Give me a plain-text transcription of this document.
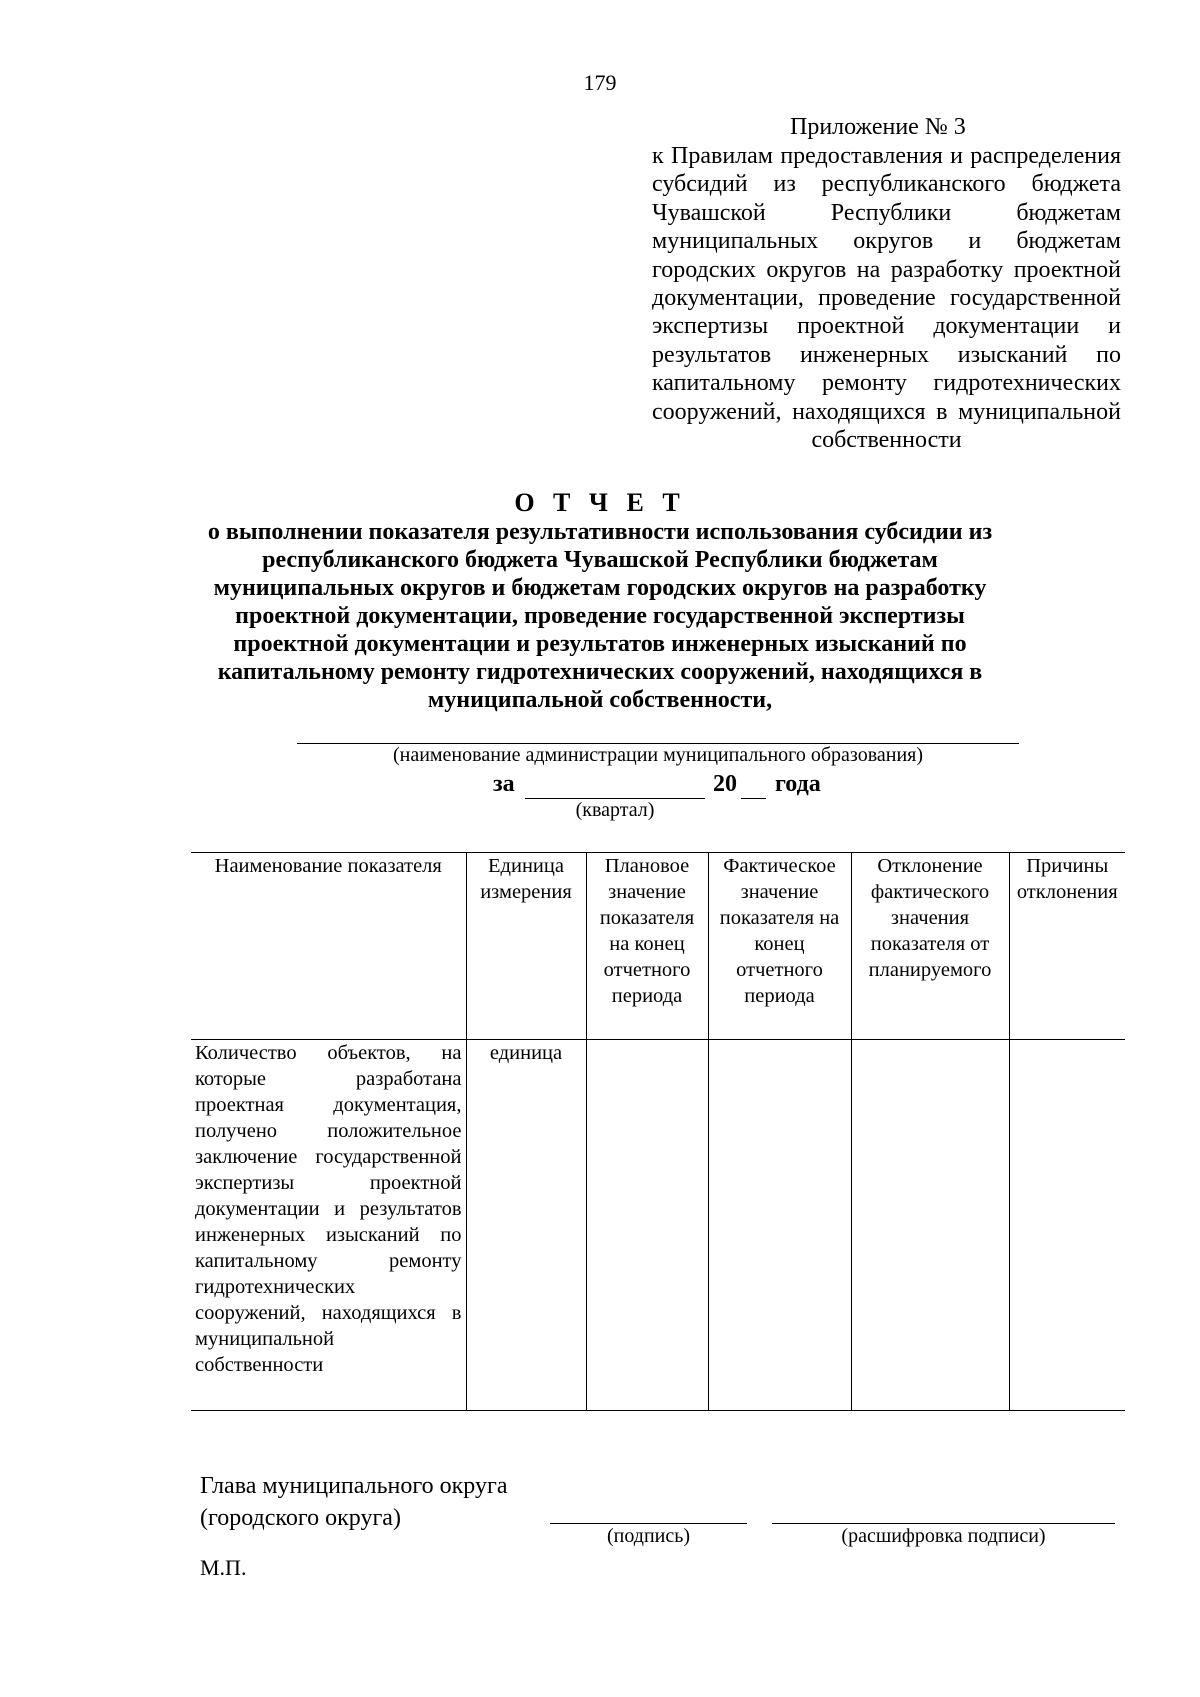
179
Приложение № 3
к Правилам предоставления и распределения субсидий из республиканского бюджета Чувашской Республики бюджетам муниципальных округов и бюджетам городских округов на разработку проектной документации, проведение государственной экспертизы проектной документации и результатов инженерных изысканий по капитальному ремонту гидротехнических сооружений, находящихся в муниципальной собственности
О Т Ч Е Т
о выполнении показателя результативности использования субсидии из республиканского бюджета Чувашской Республики бюджетам муниципальных округов и бюджетам городских округов на разработку проектной документации, проведение государственной экспертизы проектной документации и результатов инженерных изысканий по капитальному ремонту гидротехнических сооружений, находящихся в муниципальной собственности,
(наименование администрации муниципального образования)
за	20 года
(квартал)
Наименование показателя	Единица измерения	Плановое значение показателя на конец отчетного периода	Фактическое значение показателя на конец отчетного периода	Отклонение фактического значения показателя от планируемого	Причины отклонения
Количество объектов, на которые разработана проектная документация, получено положительное заключение государственной экспертизы проектной документации и результатов инженерных изысканий по капитальному ремонту гидротехнических сооружений, находящихся в муниципальной собственности	единица				
Глава муниципального округа
(городского округа)
(подпись)	(расшифровка подписи)
М.П.
